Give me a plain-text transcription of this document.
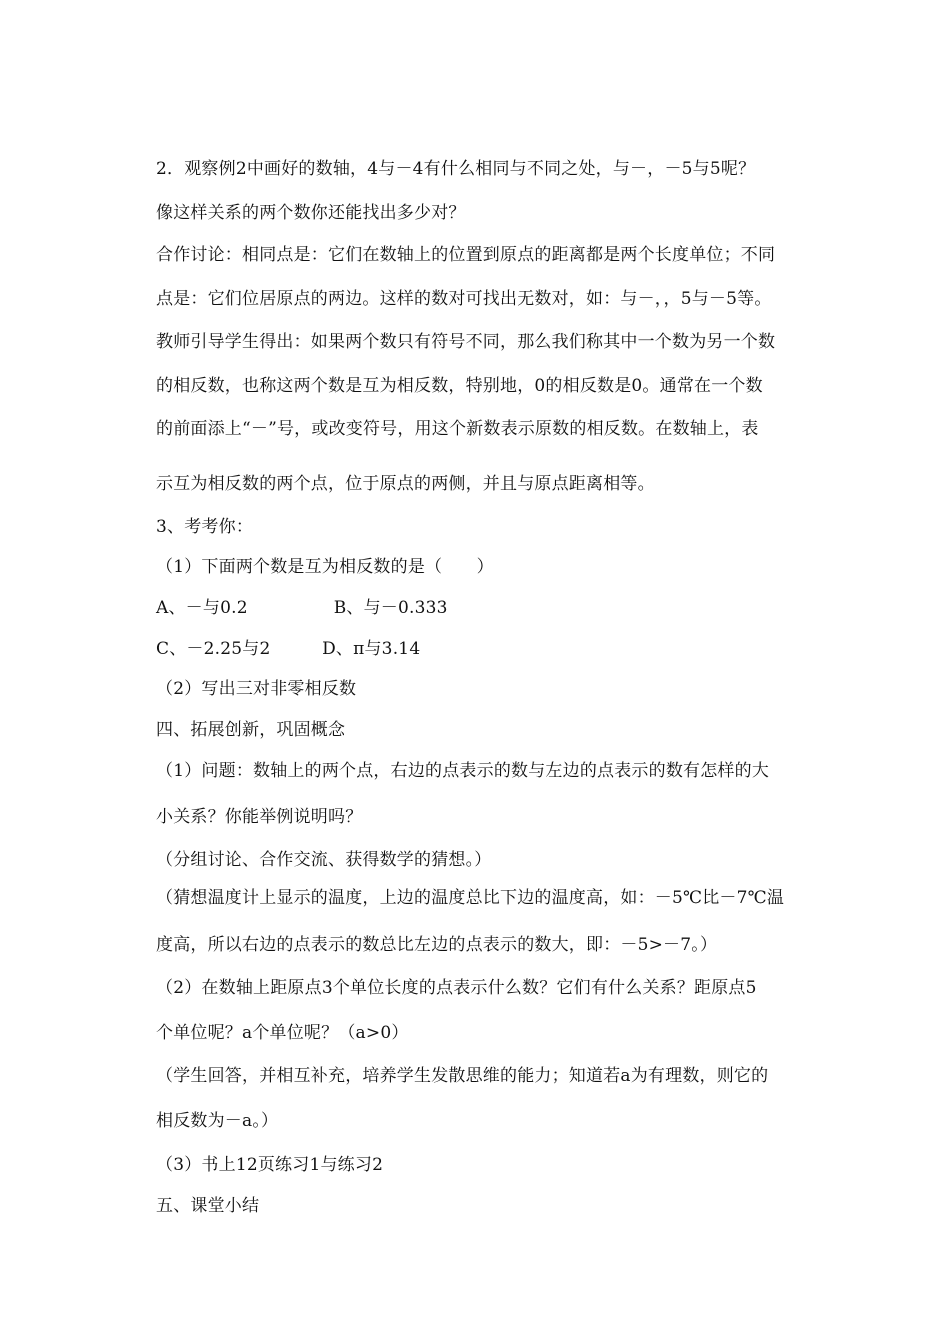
2．观察例2中画好的数轴，4与－4有什么相同与不同之处，与－，－5与5呢？
像这样关系的两个数你还能找出多少对？
合作讨论：相同点是：它们在数轴上的位置到原点的距离都是两个长度单位；不同
点是：它们位居原点的两边。这样的数对可找出无数对，如：与－，，5与－5等。
教师引导学生得出：如果两个数只有符号不同，那么我们称其中一个数为另一个数
的相反数，也称这两个数是互为相反数，特别地，0的相反数是0。通常在一个数
的前面添上“－”号，或改变符号，用这个新数表示原数的相反数。在数轴上，表
示互为相反数的两个点，位于原点的两侧，并且与原点距离相等。
3、考考你：
（1）下面两个数是互为相反数的是（　　）
A、－与0.2　　　　　B、与－0.333
C、－2.25与2　　　D、π与3.14
（2）写出三对非零相反数
四、拓展创新，巩固概念
（1）问题：数轴上的两个点，右边的点表示的数与左边的点表示的数有怎样的大
小关系？你能举例说明吗？
（分组讨论、合作交流、获得数学的猜想。）
（猜想温度计上显示的温度，上边的温度总比下边的温度高，如：－5℃比－7℃温
度高，所以右边的点表示的数总比左边的点表示的数大，即：－5>－7。）
（2）在数轴上距原点3个单位长度的点表示什么数？它们有什么关系？距原点5
个单位呢？a个单位呢？（a>0）
（学生回答，并相互补充，培养学生发散思维的能力；知道若a为有理数，则它的
相反数为－a。）
（3）书上12页练习1与练习2
五、课堂小结
